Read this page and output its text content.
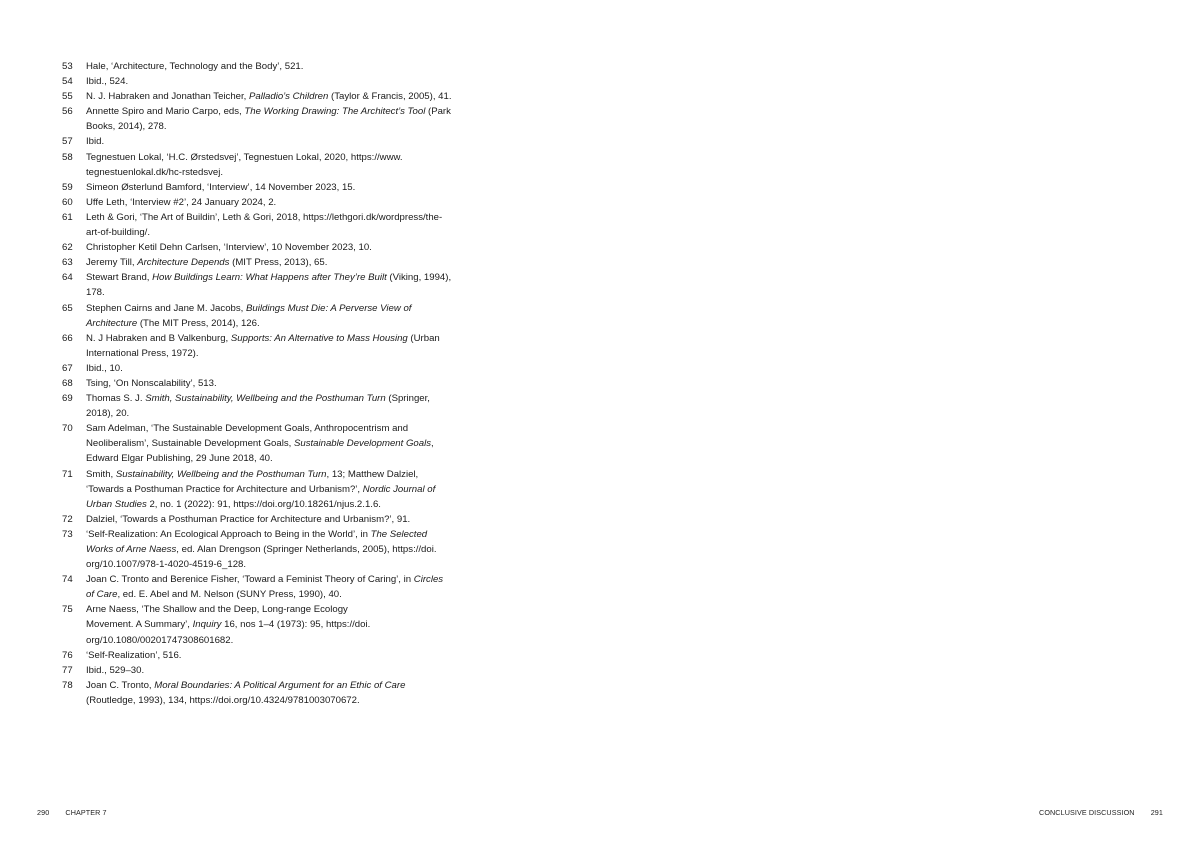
53	Hale, ‘Architecture, Technology and the Body’, 521.
54	Ibid., 524.
55	N. J. Habraken and Jonathan Teicher, Palladio’s Children (Taylor & Francis, 2005), 41.
56	Annette Spiro and Mario Carpo, eds, The Working Drawing: The Architect’s Tool (Park
Books, 2014), 278.
57	Ibid.
58	Tegnestuen Lokal, ‘H.C. Ørstedsvej’, Tegnestuen Lokal, 2020, https://www.
tegnestuenlokal.dk/hc-rstedsvej.
59	Simeon Østerlund Bamford, ‘Interview’, 14 November 2023, 15.
60	Uffe Leth, ‘Interview #2’, 24 January 2024, 2.
61	Leth & Gori, ‘The Art of Buildin’, Leth & Gori, 2018, https://lethgori.dk/wordpress/the-
art-of-building/.
62	Christopher Ketil Dehn Carlsen, ‘Interview’, 10 November 2023, 10.
63	Jeremy Till, Architecture Depends (MIT Press, 2013), 65.
64	Stewart Brand, How Buildings Learn: What Happens after They’re Built (Viking, 1994),
178.
65	Stephen Cairns and Jane M. Jacobs, Buildings Must Die: A Perverse View of
Architecture (The MIT Press, 2014), 126.
66	N. J Habraken and B Valkenburg, Supports: An Alternative to Mass Housing (Urban
International Press, 1972).
67	Ibid., 10.
68	Tsing, ‘On Nonscalability’, 513.
69	Thomas S. J. Smith, Sustainability, Wellbeing and the Posthuman Turn (Springer,
2018), 20.
70	Sam Adelman, ‘The Sustainable Development Goals, Anthropocentrism and
Neoliberalism’, Sustainable Development Goals, Sustainable Development Goals,
Edward Elgar Publishing, 29 June 2018, 40.
71	Smith, Sustainability, Wellbeing and the Posthuman Turn, 13; Matthew Dalziel,
‘Towards a Posthuman Practice for Architecture and Urbanism?’, Nordic Journal of
Urban Studies 2, no. 1 (2022): 91, https://doi.org/10.18261/njus.2.1.6.
72	Dalziel, ‘Towards a Posthuman Practice for Architecture and Urbanism?’, 91.
73	‘Self-Realization: An Ecological Approach to Being in the World’, in The Selected
Works of Arne Naess, ed. Alan Drengson (Springer Netherlands, 2005), https://doi.
org/10.1007/978-1-4020-4519-6_128.
74	Joan C. Tronto and Berenice Fisher, ‘Toward a Feminist Theory of Caring’, in Circles
of Care, ed. E. Abel and M. Nelson (SUNY Press, 1990), 40.
75	Arne Naess, ‘The Shallow and the Deep, Long-range Ecology
Movement. A Summary’, Inquiry 16, nos 1–4 (1973): 95, https://doi.
org/10.1080/00201747308601682.
76	‘Self-Realization’, 516.
77	Ibid., 529–30.
78	Joan C. Tronto, Moral Boundaries: A Political Argument for an Ethic of Care
(Routledge, 1993), 134, https://doi.org/10.4324/9781003070672.
290 CHAPTER 7	CONCLUSIVE DISCUSSION 291
